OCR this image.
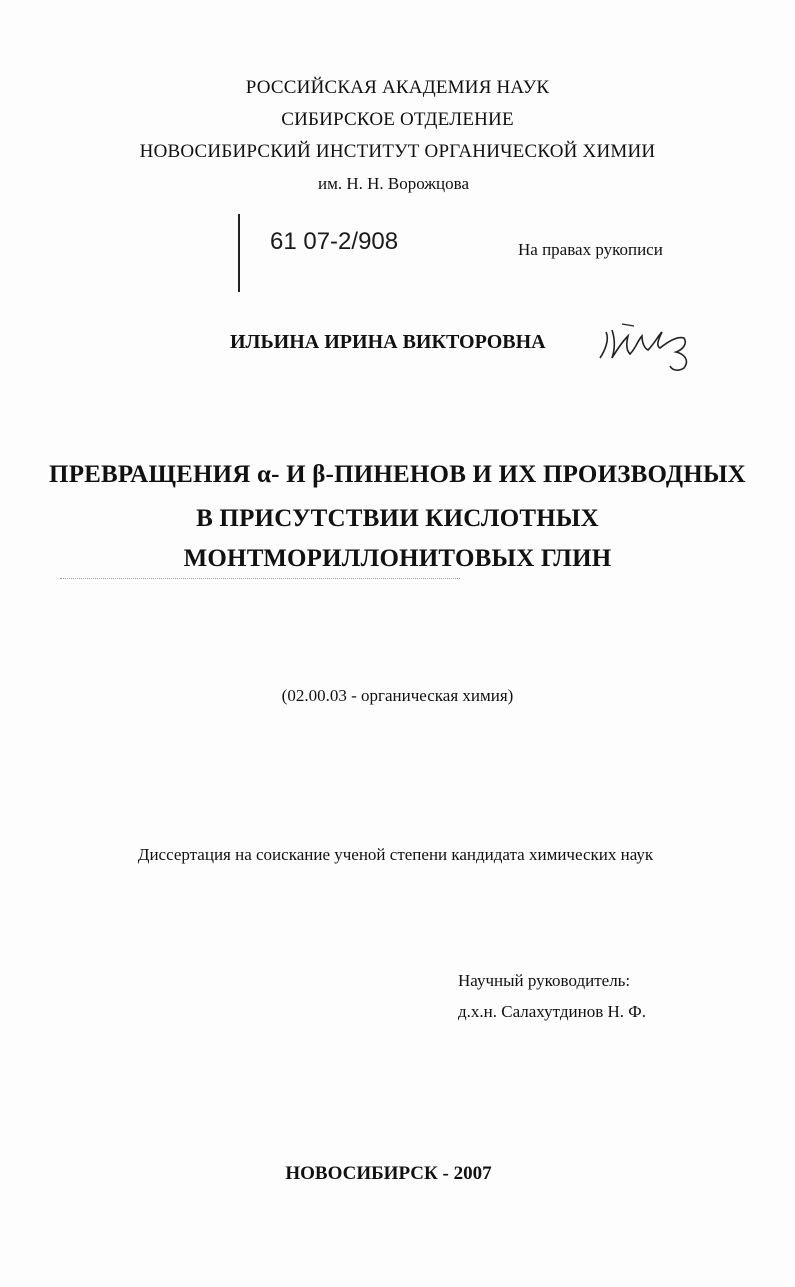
РОССИЙСКАЯ АКАДЕМИЯ НАУК
СИБИРСКОЕ ОТДЕЛЕНИЕ
НОВОСИБИРСКИЙ ИНСТИТУТ ОРГАНИЧЕСКОЙ ХИМИИ
им. Н. Н. Ворожцова
61 07-2/908	На правах рукописи
ИЛЬИНА ИРИНА ВИКТОРОВНА
ПРЕВРАЩЕНИЯ α- И β-ПИНЕНОВ И ИХ ПРОИЗВОДНЫХ
В ПРИСУТСТВИИ КИСЛОТНЫХ
МОНТМОРИЛЛОНИТОВЫХ ГЛИН
(02.00.03 - органическая химия)
Диссертация на соискание ученой степени кандидата химических наук
Научный руководитель:
д.х.н. Салахутдинов Н. Ф.
НОВОСИБИРСК - 2007
